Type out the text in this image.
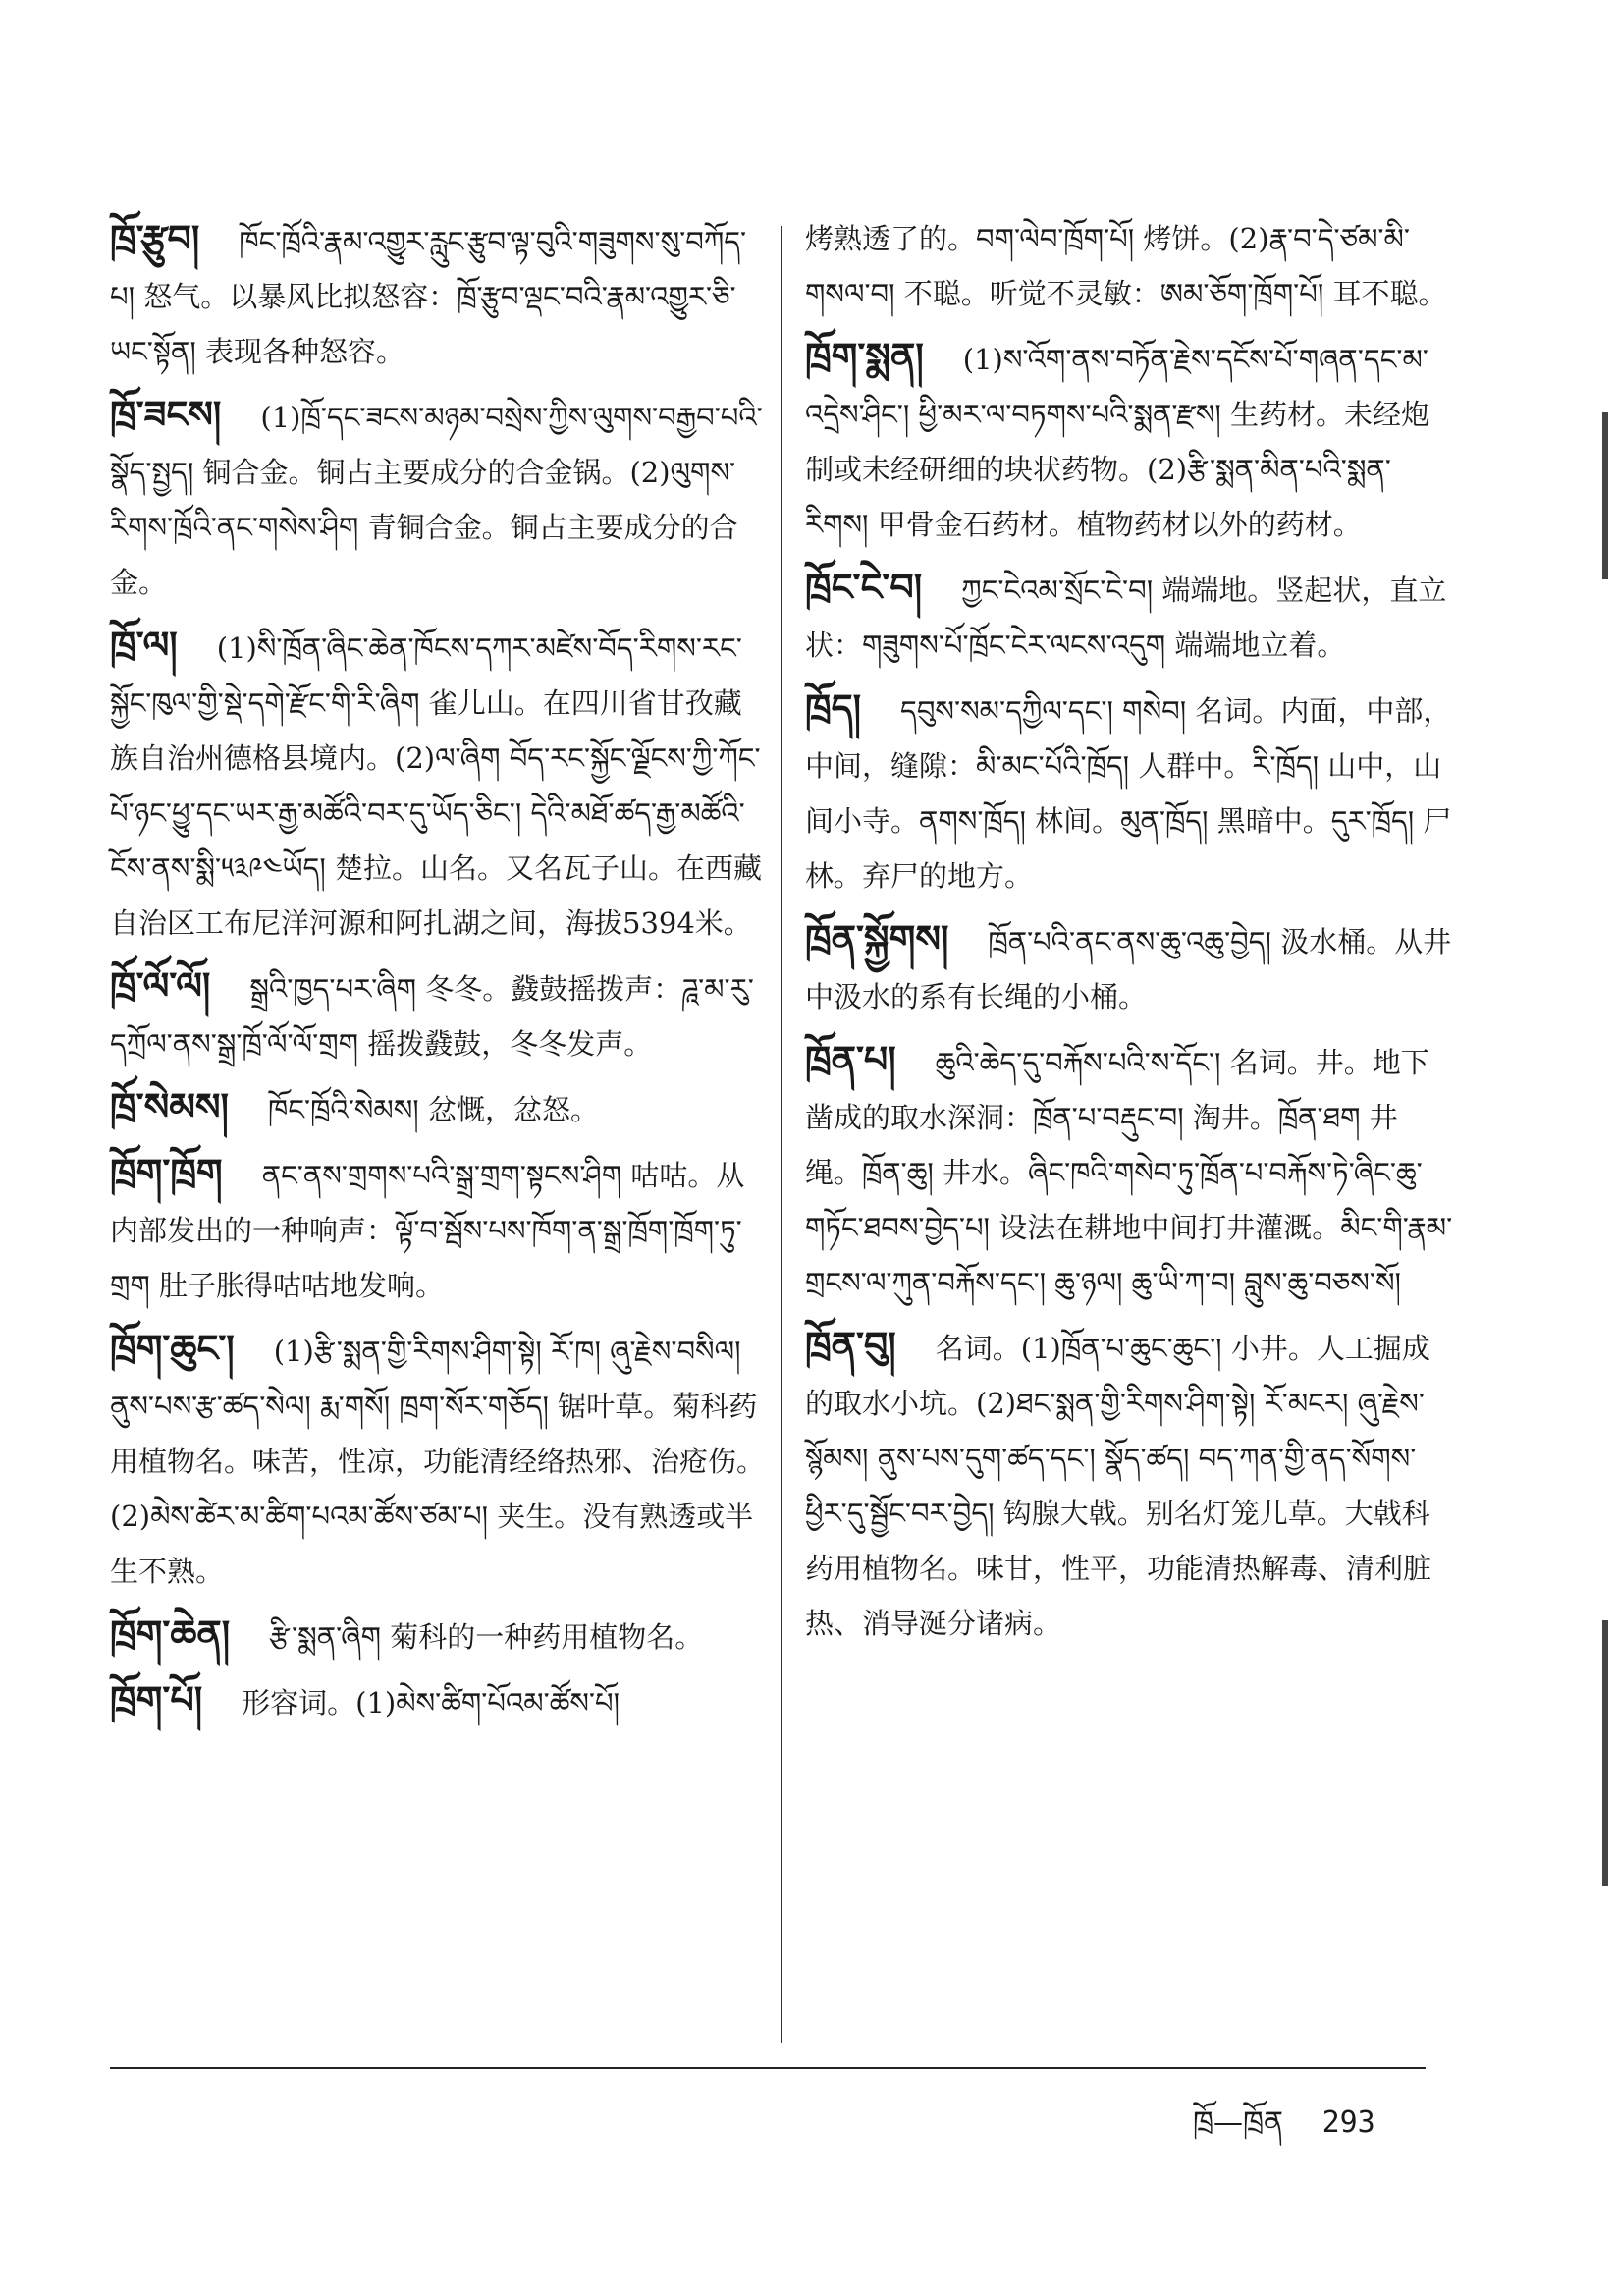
ཁྲོ་རྩུབ། ཁོང་ཁྲོའི་རྣམ་འགྱུར་རླུང་རྩུབ་ལྟ་བུའི་གཟུགས་སུ་བཀོད་པ། 怒气。以暴风比拟怒容：ཁྲོ་རྩུབ་ལྡང་བའི་རྣམ་འགྱུར་ཅི་ཡང་སྟོན། 表现各种怒容。
ཁྲོ་ཟངས། (1)ཁྲོ་དང་ཟངས་མཉམ་བསྲེས་ཀྱིས་ལུགས་བརྒྱབ་པའི་སྣོད་སྤྱད། 铜合金。铜占主要成分的合金锅。(2)ལུགས་རིགས་ཁྲོའི་ནང་གསེས་ཤིག 青铜合金。铜占主要成分的合金。
ཁྲོ་ལ། (1)སི་ཁྲོན་ཞིང་ཆེན་ཁོངས་དཀར་མཛེས་བོད་རིགས་རང་སྐྱོང་ཁུལ་གྱི་སྡེ་དགེ་རྫོང་གི་རི་ཞིག 雀儿山。在四川省甘孜藏族自治州德格县境内。(2)ལ་ཞིག བོད་རང་སྐྱོང་ལྗོངས་ཀྱི་ཀོང་པོ་ཉང་ཕྱུ་དང་ཡར་རྒྱ་མཚོའི་བར་དུ་ཡོད་ཅིང་། དེའི་མཐོ་ཚད་རྒྱ་མཚོའི་ངོས་ནས་སྨི་༥༣༩༤ཡོད། 楚拉。山名。又名瓦子山。在西藏自治区工布尼洋河源和阿扎湖之间，海拔5394米。
ཁྲོ་ལོ་ལོ། སྒྲའི་ཁྱད་པར་ཞིག 冬冬。鼗鼓摇拨声：ཌཱ་མ་རུ་དཀྲོལ་ནས་སྒྲ་ཁྲོ་ལོ་ལོ་གྲག 摇拨鼗鼓，冬冬发声。
ཁྲོ་སེམས། ཁོང་ཁྲོའི་སེམས། 忿慨，忿怒。
ཁྲོག་ཁྲོག ནང་ནས་གྲགས་པའི་སྒྲ་གྲག་སྟངས་ཤིག 咕咕。从内部发出的一种响声：ལྟོ་བ་སྦོས་པས་ཁོག་ན་སྒྲ་ཁྲོག་ཁྲོག་ཏུ་གྲག 肚子胀得咕咕地发响。
ཁྲོག་ཆུང་། (1)རྩི་སྨན་གྱི་རིགས་ཤིག་སྟེ། རོ་ཁ། ཞུ་རྗེས་བསིལ། ནུས་པས་རྩ་ཚད་སེལ། རྨ་གསོ། ཁྲག་སོར་གཅོད། 锯叶草。菊科药用植物名。味苦，性凉，功能清经络热邪、治疮伤。(2)མེས་ཚེར་མ་ཚིག་པའམ་ཚོས་ཙམ་པ། 夹生。没有熟透或半生不熟。
ཁྲོག་ཆེན། རྩི་སྨན་ཞིག 菊科的一种药用植物名。
ཁྲོག་པོ། 形容词。(1)མེས་ཚིག་པོའམ་ཚོས་པོ།
烤熟透了的。བག་ལེབ་ཁྲོག་པོ། 烤饼。(2)རྣ་བ་དེ་ཙམ་མི་གསལ་བ། 不聪。听觉不灵敏：ཨམ་ཅོག་ཁྲོག་པོ། 耳不聪。
ཁྲོག་སྨན། (1)ས་འོག་ནས་བཏོན་རྗེས་དངོས་པོ་གཞན་དང་མ་འདྲེས་ཤིང་། ཕྱི་མར་ལ་བཏགས་པའི་སྨན་རྫས། 生药材。未经炮制或未经研细的块状药物。(2)རྩི་སྨན་མིན་པའི་སྨན་རིགས། 甲骨金石药材。植物药材以外的药材。
ཁྲོང་ངེ་བ། ཀྱང་ངེའམ་སྲོང་ངེ་བ། 端端地。竖起状，直立状：གཟུགས་པོ་ཁྲོང་ངེར་ལངས་འདུག 端端地立着。
ཁྲོད། དབུས་སམ་དཀྱིལ་དང་། གསེབ། 名词。内面，中部，中间，缝隙：མི་མང་པོའི་ཁྲོད། 人群中。རི་ཁྲོད། 山中，山间小寺。ནགས་ཁྲོད། 林间。མུན་ཁྲོད། 黑暗中。དུར་ཁྲོད། 尸林。弃尸的地方。
ཁྲོན་སྐྱོགས། ཁྲོན་པའི་ནང་ནས་ཆུ་འཆུ་བྱེད། 汲水桶。从井中汲水的系有长绳的小桶。
ཁྲོན་པ། ཆུའི་ཆེད་དུ་བརྐོས་པའི་ས་དོང་། 名词。井。地下凿成的取水深洞：ཁྲོན་པ་བརྡུང་བ། 淘井。ཁྲོན་ཐག 井绳。ཁྲོན་ཆུ། 井水。ཞིང་ཁའི་གསེབ་ཏུ་ཁྲོན་པ་བརྐོས་ཏེ་ཞིང་ཆུ་གཏོང་ཐབས་བྱེད་པ། 设法在耕地中间打井灌溉。མིང་གི་རྣམ་གྲངས་ལ་ཀུན་བརྐོས་དང་། ཆུ་ཉལ། ཆུ་ཡི་ཀ་བ། བླུས་ཆུ་བཅས་སོ།
ཁྲོན་བུ། 名词。(1)ཁྲོན་པ་ཆུང་ཆུང་། 小井。人工掘成的取水小坑。(2)ཐང་སྨན་གྱི་རིགས་ཤིག་སྟེ། རོ་མངར། ཞུ་རྗེས་སྙོམས། ནུས་པས་དུག་ཚད་དང་། སྣོད་ཚད། བད་ཀན་གྱི་ནད་སོགས་ཕྱིར་དུ་སྦྱོང་བར་བྱེད། 钩腺大戟。别名灯笼儿草。大戟科药用植物名。味甘，性平，功能清热解毒、清利脏热、消导涎分诸病。
ཁྲོ—ཁྲོན 293
